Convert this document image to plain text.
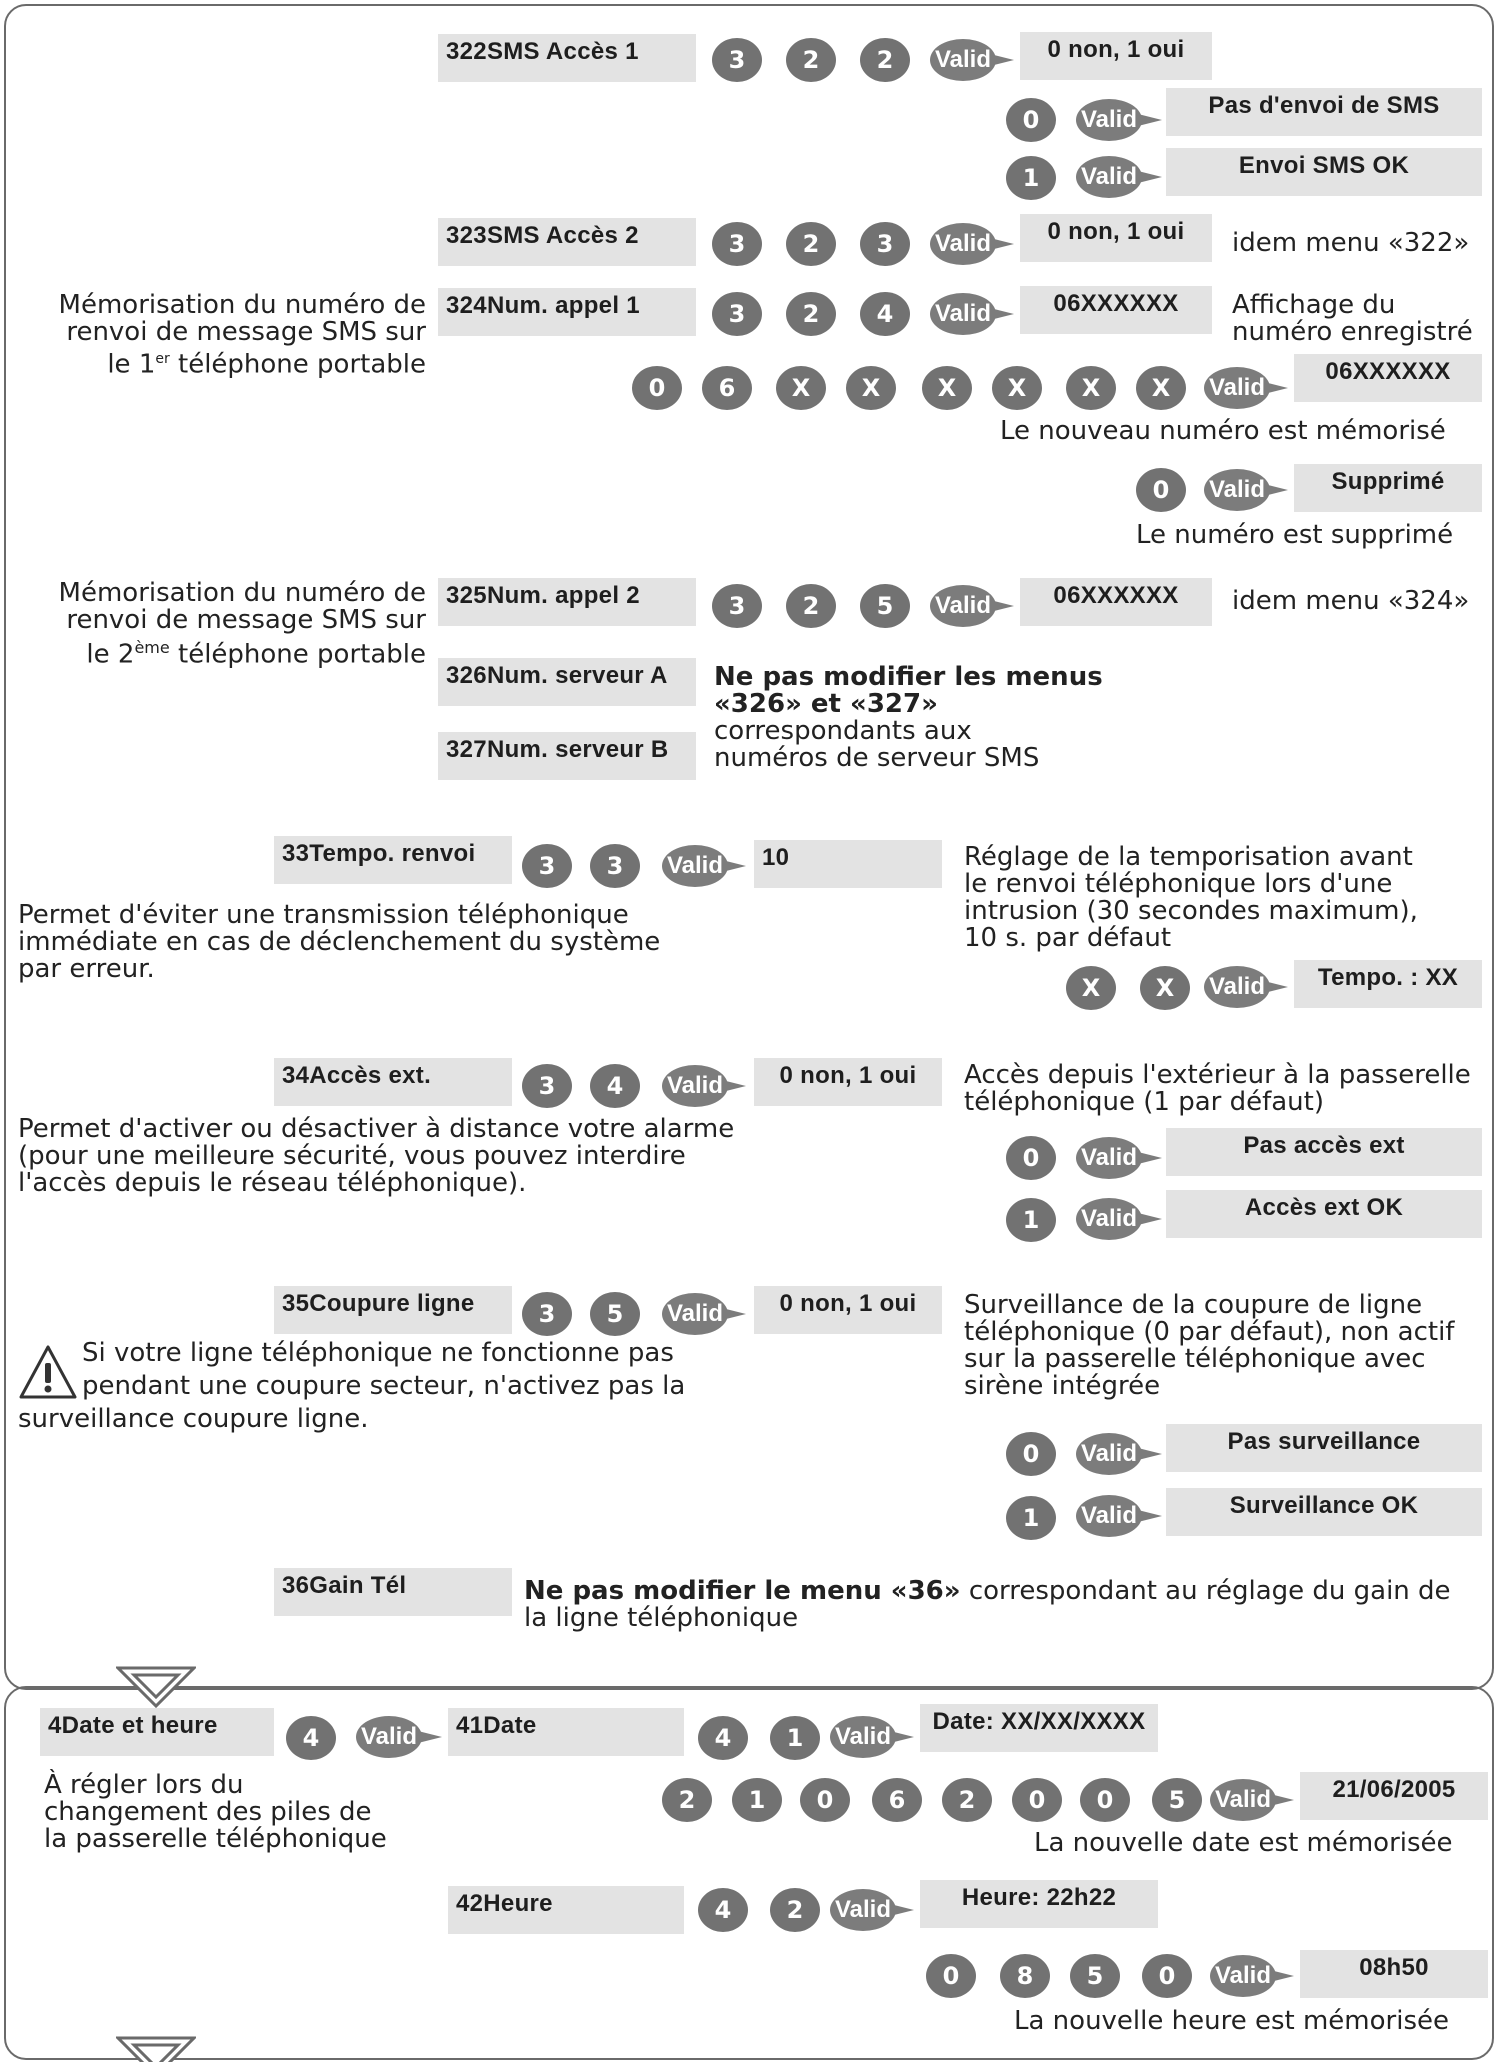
322SMS Accès 1	3	2	2	Valid	0 non, 1 oui
0	Valid
Pas d'envoi de SMS
1	Valid	Envoi SMS OK
323SMS Accès 2	3	2	3	Valid	0 non, 1 oui	idem menu «322»
Mémorisation du numéro de
renvoi de message SMS sur
le 1er téléphone portable
324Num. appel 1	3	2	4	Valid	06XXXXXX	Affichage du
numéro enregistré
0	6	X	X	X	X	X	X	Valid
06XXXXXX
Le nouveau numéro est mémorisé
0	Valid	Supprimé
Le numéro est supprimé
Mémorisation du numéro de
renvoi de message SMS sur
le 2ème téléphone portable
325Num. appel 2	3	2	5	Valid	06XXXXXX	idem menu «324»
326Num. serveur A
327Num. serveur B
Ne pas modifier les menus
«326» et «327»
correspondants aux
numéros de serveur SMS
33Tempo. renvoi	3	3	Valid	10	Réglage de la temporisation avant
le renvoi téléphonique lors d'une
intrusion (30 secondes maximum),
10 s. par défaut
Permet d'éviter une transmission téléphonique
immédiate en cas de déclenchement du système
par erreur.
X	X	Valid	Tempo. : XX
34Accès ext.	3	4	Valid	0 non, 1 oui	Accès depuis l'extérieur à la passerelle
téléphonique (1 par défaut)
Permet d'activer ou désactiver à distance votre alarme
(pour une meilleure sécurité, vous pouvez interdire
l'accès depuis le réseau téléphonique).
0	Valid	Pas accès ext
1	Valid	Accès ext OK
35Coupure ligne	3	5	Valid	0 non, 1 oui	Surveillance de la coupure de ligne
téléphonique (0 par défaut), non actif
sur la passerelle téléphonique avec
sirène intégrée
Si votre ligne téléphonique ne fonctionne pas
pendant une coupure secteur, n'activez pas la
surveillance coupure ligne.
0	Valid	Pas surveillance
1	Valid	Surveillance OK
36Gain Tél	Ne pas modifier le menu «36» correspondant au réglage du gain de
la ligne téléphonique
4Date et heure	4	Valid	41Date	4	1	Valid
Date: XX/XX/XXXX
À régler lors du
changement des piles de
la passerelle téléphonique
2	1	0	6	2	0	0	5	Valid	21/06/2005
La nouvelle date est mémorisée
42Heure	4	2	Valid	Heure: 22h22
0	8	5	0	Valid	08h50
La nouvelle heure est mémorisée
